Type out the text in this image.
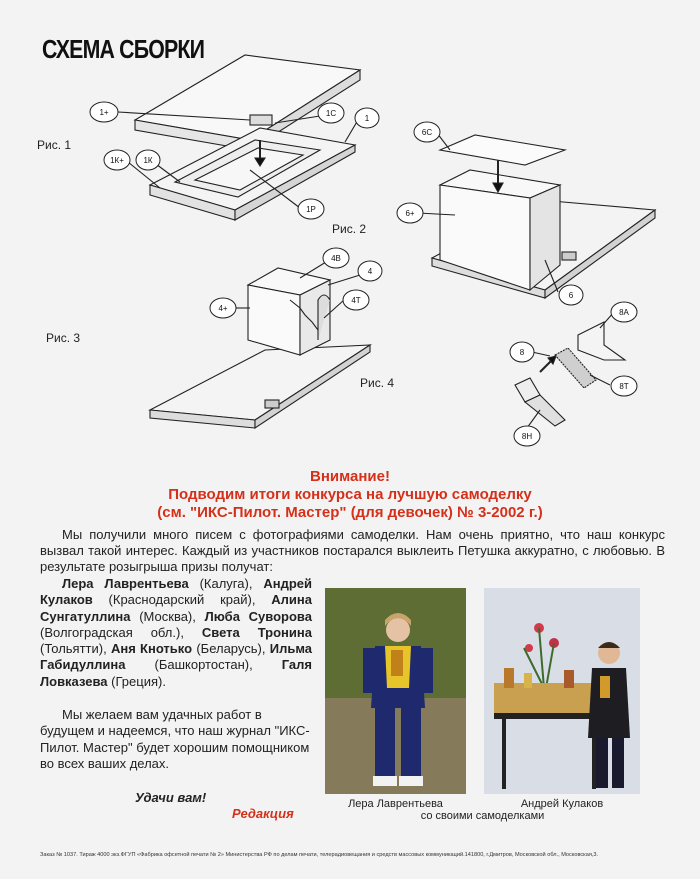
СХЕМА СБОРКИ
1+	1С
1
1К+ 1К
1Р
6С
6+
6
4В
4
4+
4Т
8А
8
8Т
8Н
Рис. 1
Рис. 2
Рис. 3
Рис. 4
Внимание!
Подводим итоги конкурса на лучшую самоделку
(см. "ИКС-Пилот. Мастер" (для девочек) № 3-2002 г.)
Мы получили много писем с фотографиями самоделки. Нам очень приятно, что наш конкурс вызвал такой интерес. Каждый из участников постарался выклеить Петушка аккуратно, с любовью. В результате розыгрыша призы получат:
Лера Лаврентьева (Калуга), Андрей Кулаков (Краснодарский край), Алина Сунгатуллина (Москва), Люба Суворова (Волгоградская обл.), Света Тронина (Тольятти), Аня Кнотько (Беларусь), Ильма Габидуллина (Башкортостан), Галя Ловказева (Греция).
Мы желаем вам удачных работ в будущем и надеемся, что наш журнал "ИКС-Пилот. Мастер" будет хорошим помощником во всех ваших делах.
Удачи вам!
Редакция
Лера Лаврентьева	Андрей Кулаков
со своими самоделками
Заказ № 1037. Тираж 4000 экз.ФГУП «Фабрика офсетной печати № 2» Министерства РФ по делам печати, телерадиовещания и средств массовых коммуникаций.141800, г.Дмитров, Московской обл., Московская,3.
